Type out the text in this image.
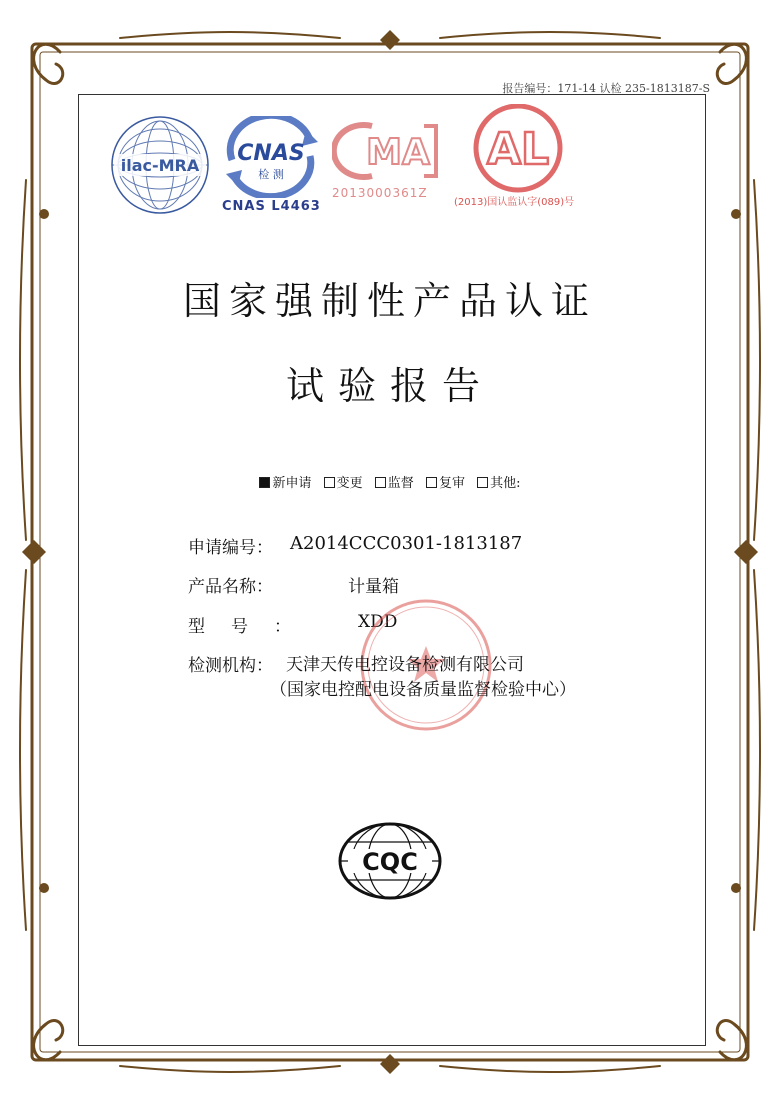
报告编号：171-14 认检 235-1813187-S
ilac-MRA CNAS
检 测
CNAS L4463
MA
2013000361Z
AL
(2013)国认监认字(089)号
国家强制性产品认证
试验报告
新申请 变更 监督 复审 其他:
申请编号： A2014CCC0301-1813187
产品名称：	计量箱
型号： XDD
检测机构： 天津天传电控设备检测有限公司
（国家电控配电设备质量监督检验中心）
CQC
